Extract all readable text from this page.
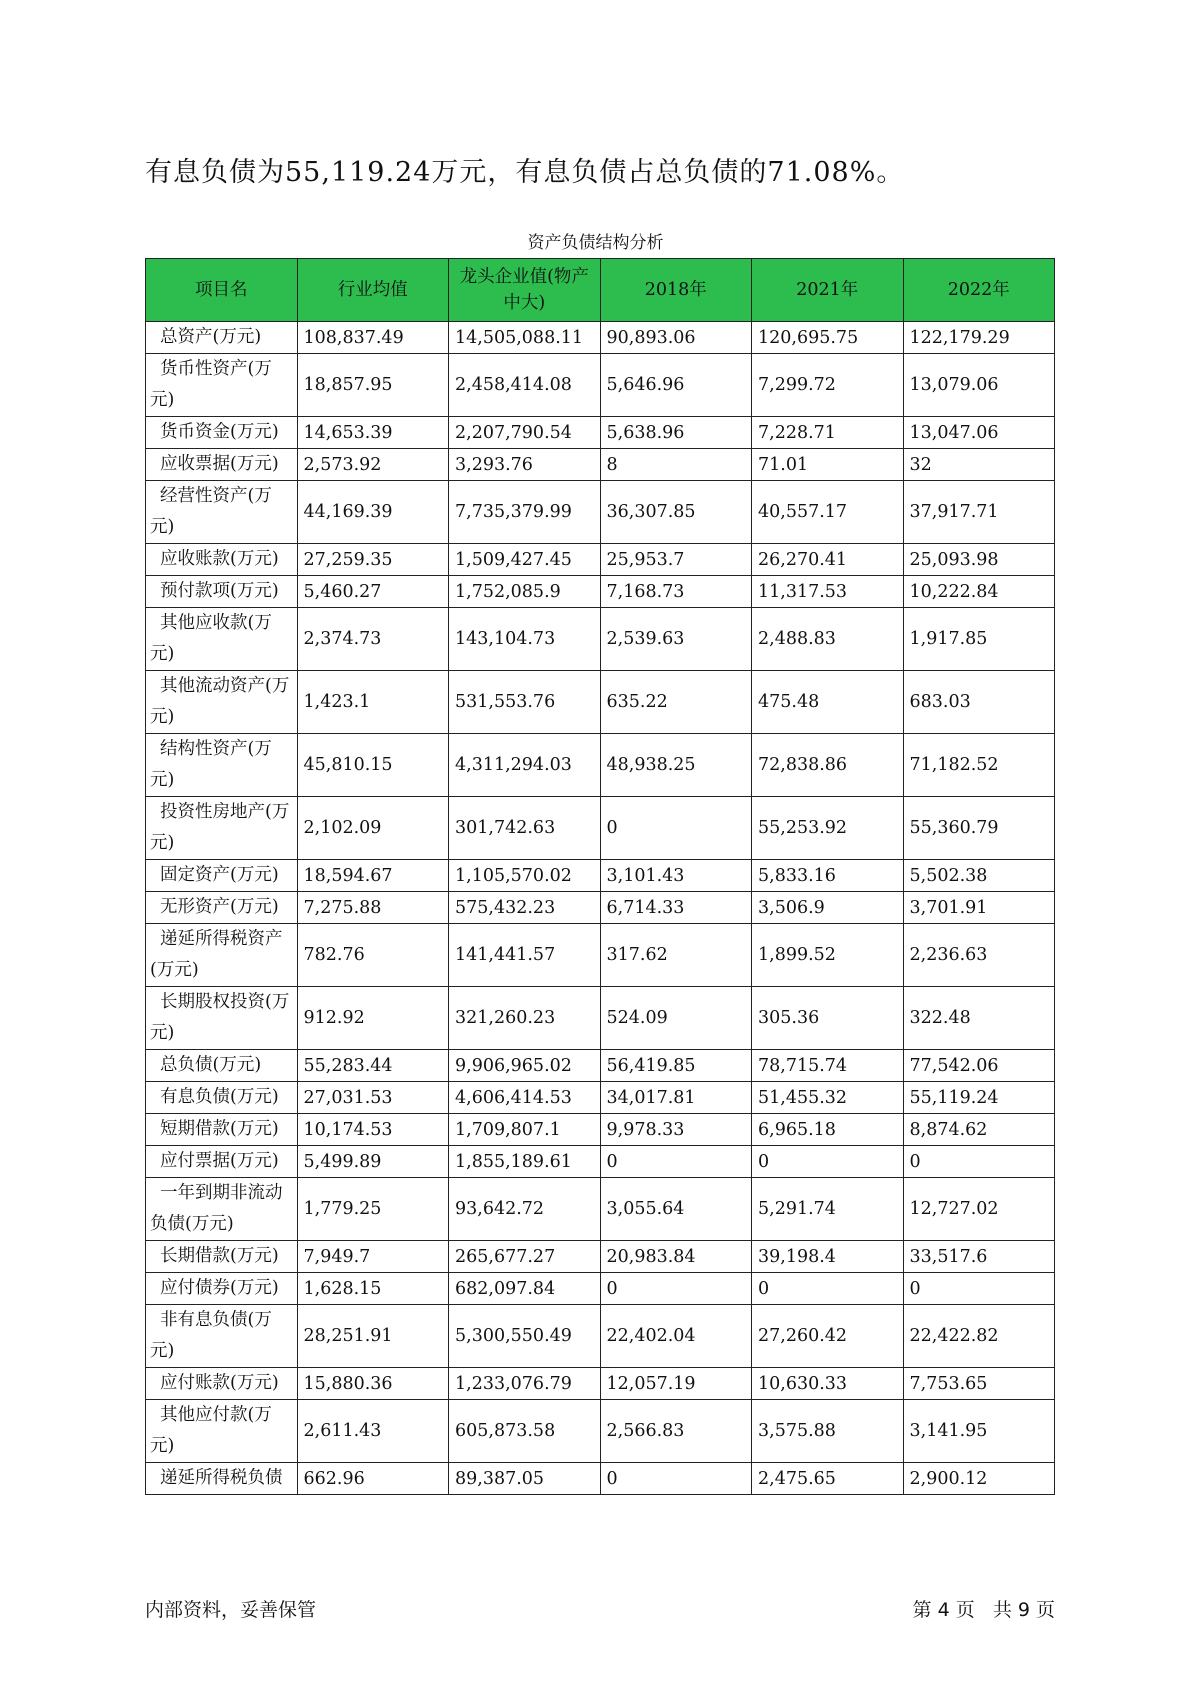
有息负债为55,119.24万元，有息负债占总负债的71.08%。
资产负债结构分析
项目名	行业均值	龙头企业值(物产中大)	2018年	2021年	2022年
总资产(万元)	108,837.49	14,505,088.11	90,893.06	120,695.75	122,179.29
货币性资产(万元)	18,857.95	2,458,414.08	5,646.96	7,299.72	13,079.06
货币资金(万元)	14,653.39	2,207,790.54	5,638.96	7,228.71	13,047.06
应收票据(万元)	2,573.92	3,293.76	8	71.01	32
经营性资产(万元)	44,169.39	7,735,379.99	36,307.85	40,557.17	37,917.71
应收账款(万元)	27,259.35	1,509,427.45	25,953.7	26,270.41	25,093.98
预付款项(万元)	5,460.27	1,752,085.9	7,168.73	11,317.53	10,222.84
其他应收款(万元)	2,374.73	143,104.73	2,539.63	2,488.83	1,917.85
其他流动资产(万元)	1,423.1	531,553.76	635.22	475.48	683.03
结构性资产(万元)	45,810.15	4,311,294.03	48,938.25	72,838.86	71,182.52
投资性房地产(万元)	2,102.09	301,742.63	0	55,253.92	55,360.79
固定资产(万元)	18,594.67	1,105,570.02	3,101.43	5,833.16	5,502.38
无形资产(万元)	7,275.88	575,432.23	6,714.33	3,506.9	3,701.91
递延所得税资产(万元)	782.76	141,441.57	317.62	1,899.52	2,236.63
长期股权投资(万元)	912.92	321,260.23	524.09	305.36	322.48
总负债(万元)	55,283.44	9,906,965.02	56,419.85	78,715.74	77,542.06
有息负债(万元)	27,031.53	4,606,414.53	34,017.81	51,455.32	55,119.24
短期借款(万元)	10,174.53	1,709,807.1	9,978.33	6,965.18	8,874.62
应付票据(万元)	5,499.89	1,855,189.61	0	0	0
一年到期非流动负债(万元)	1,779.25	93,642.72	3,055.64	5,291.74	12,727.02
长期借款(万元)	7,949.7	265,677.27	20,983.84	39,198.4	33,517.6
应付债券(万元)	1,628.15	682,097.84	0	0	0
非有息负债(万元)	28,251.91	5,300,550.49	22,402.04	27,260.42	22,422.82
应付账款(万元)	15,880.36	1,233,076.79	12,057.19	10,630.33	7,753.65
其他应付款(万元)	2,611.43	605,873.58	2,566.83	3,575.88	3,141.95
递延所得税负债	662.96	89,387.05	0	2,475.65	2,900.12
内部资料，妥善保管	第 4 页   共 9 页
